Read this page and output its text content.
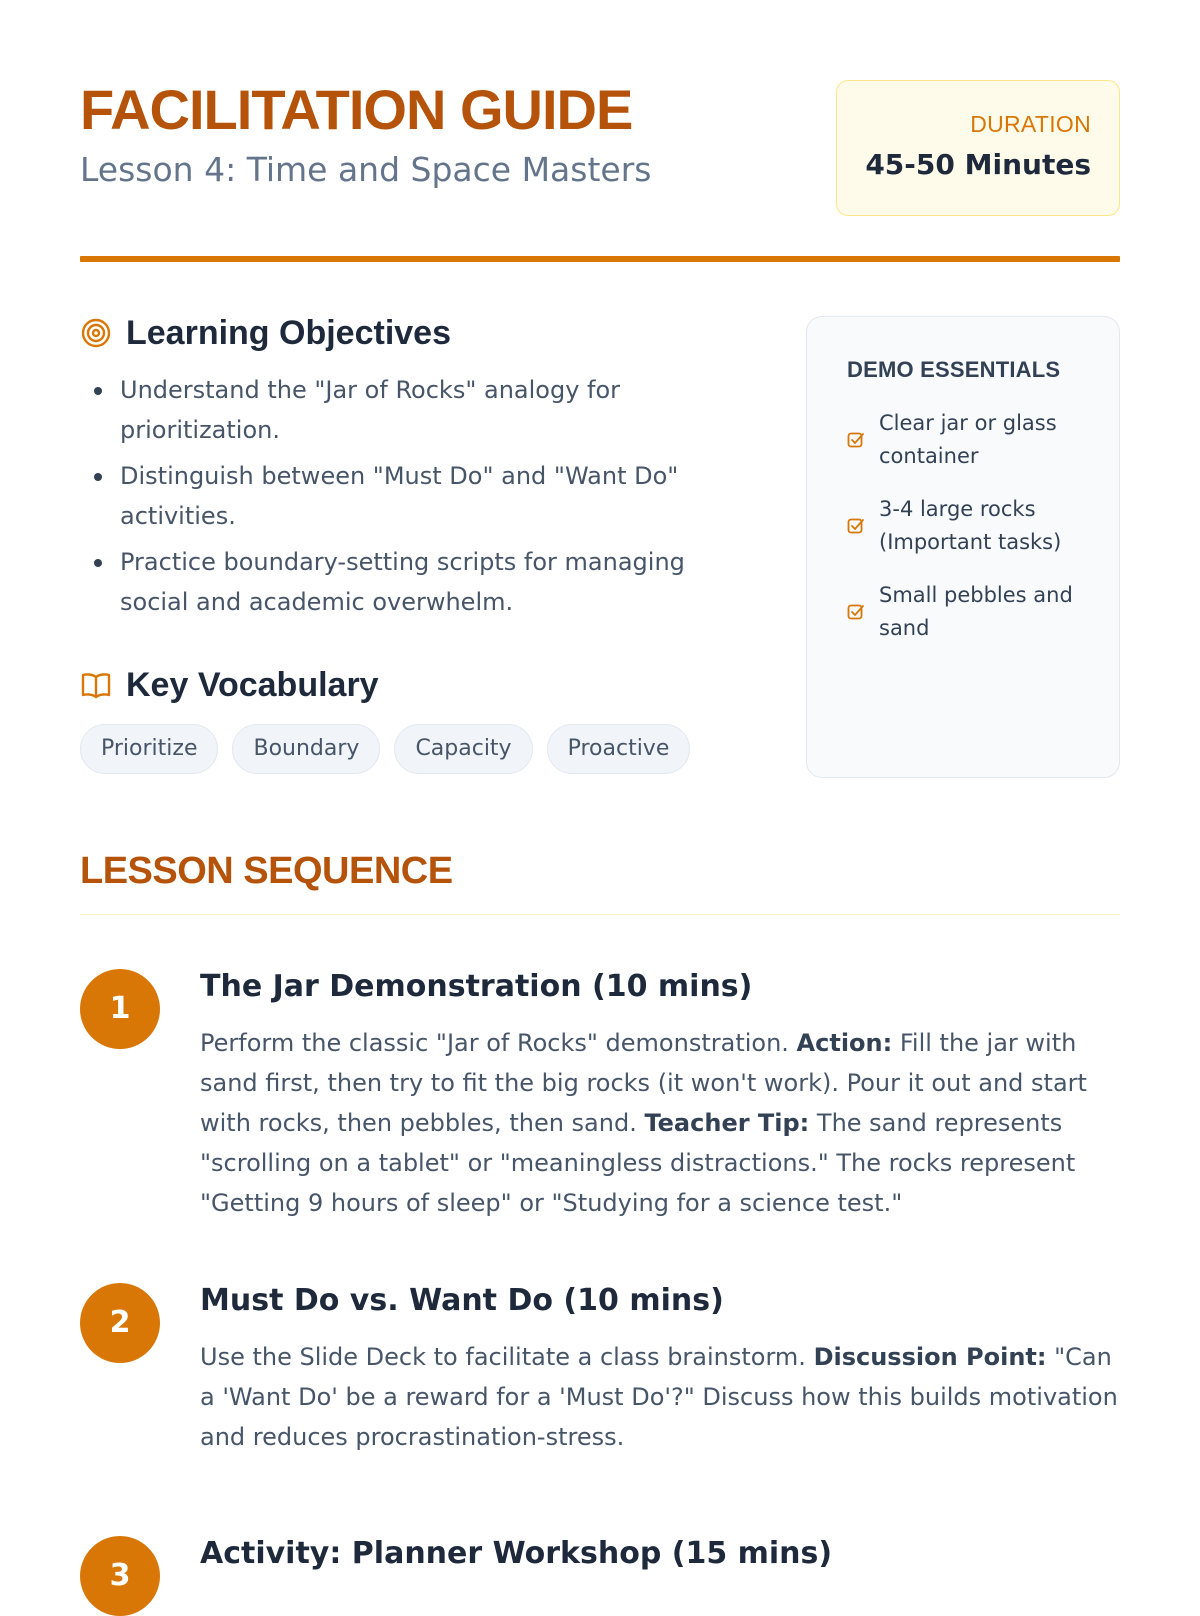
FACILITATION GUIDE
Lesson 4: Time and Space Masters
DURATION
45-50 Minutes
Learning Objectives
Understand the "Jar of Rocks" analogy for prioritization.
Distinguish between "Must Do" and "Want Do" activities.
Practice boundary-setting scripts for managing social and academic overwhelm.
Key Vocabulary
Prioritize	Boundary	Capacity	Proactive
DEMO ESSENTIALS
Clear jar or glass container
3-4 large rocks (Important tasks)
Small pebbles and sand
LESSON SEQUENCE
1
The Jar Demonstration (10 mins)

Perform the classic "Jar of Rocks" demonstration. Action: Fill the jar with sand first, then try to fit the big rocks (it won't work). Pour it out and start with rocks, then pebbles, then sand. Teacher Tip: The sand represents "scrolling on a tablet" or "meaningless distractions." The rocks represent "Getting 9 hours of sleep" or "Studying for a science test."

2
Must Do vs. Want Do (10 mins)

Use the Slide Deck to facilitate a class brainstorm. Discussion Point: "Can a 'Want Do' be a reward for a 'Must Do'?" Discuss how this builds motivation and reduces procrastination-stress.

3
Activity: Planner Workshop (15 mins)
